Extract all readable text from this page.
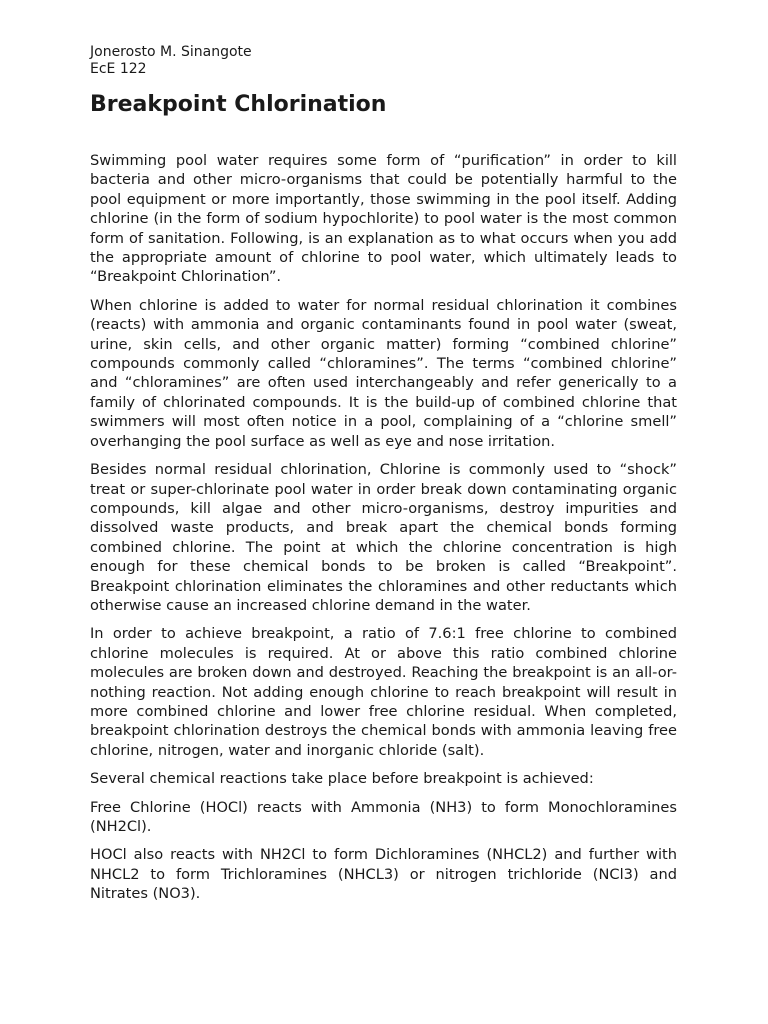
Jonerosto M. Sinangote

EcE 122

Breakpoint Chlorination

Swimming pool water requires some form of “purification” in order to kill bacteria and other micro-organisms that could be potentially harmful to the pool equipment or more importantly, those swimming in the pool itself. Adding chlorine (in the form of sodium hypochlorite) to pool water is the most common form of sanitation. Following, is an explanation as to what occurs when you add the appropriate amount of chlorine to pool water, which ultimately leads to “Breakpoint Chlorination”.

When chlorine is added to water for normal residual chlorination it combines (reacts) with ammonia and organic contaminants found in pool water (sweat, urine, skin cells, and other organic matter) forming “combined chlorine” compounds commonly called “chloramines”. The terms “combined chlorine” and “chloramines” are often used interchangeably and refer generically to a family of chlorinated compounds. It is the build-up of combined chlorine that swimmers will most often notice in a pool, complaining of a “chlorine smell” overhanging the pool surface as well as eye and nose irritation.

Besides normal residual chlorination, Chlorine is commonly used to “shock” treat or super-chlorinate pool water in order break down contaminating organic compounds, kill algae and other micro-organisms, destroy impurities and dissolved waste products, and break apart the chemical bonds forming combined chlorine. The point at which the chlorine concentration is high enough for these chemical bonds to be broken is called “Breakpoint”. Breakpoint chlorination eliminates the chloramines and other reductants which otherwise cause an increased chlorine demand in the water.

In order to achieve breakpoint, a ratio of 7.6:1 free chlorine to combined chlorine molecules is required. At or above this ratio combined chlorine molecules are broken down and destroyed. Reaching the breakpoint is an all-or-nothing reaction. Not adding enough chlorine to reach breakpoint will result in more combined chlorine and lower free chlorine residual. When completed, breakpoint chlorination destroys the chemical bonds with ammonia leaving free chlorine, nitrogen, water and inorganic chloride (salt).

Several chemical reactions take place before breakpoint is achieved:

Free Chlorine (HOCl) reacts with Ammonia (NH3) to form Monochloramines (NH2Cl).

HOCl also reacts with NH2Cl to form Dichloramines (NHCL2) and further with NHCL2 to form Trichloramines (NHCL3) or nitrogen trichloride (NCl3) and Nitrates (NO3).
